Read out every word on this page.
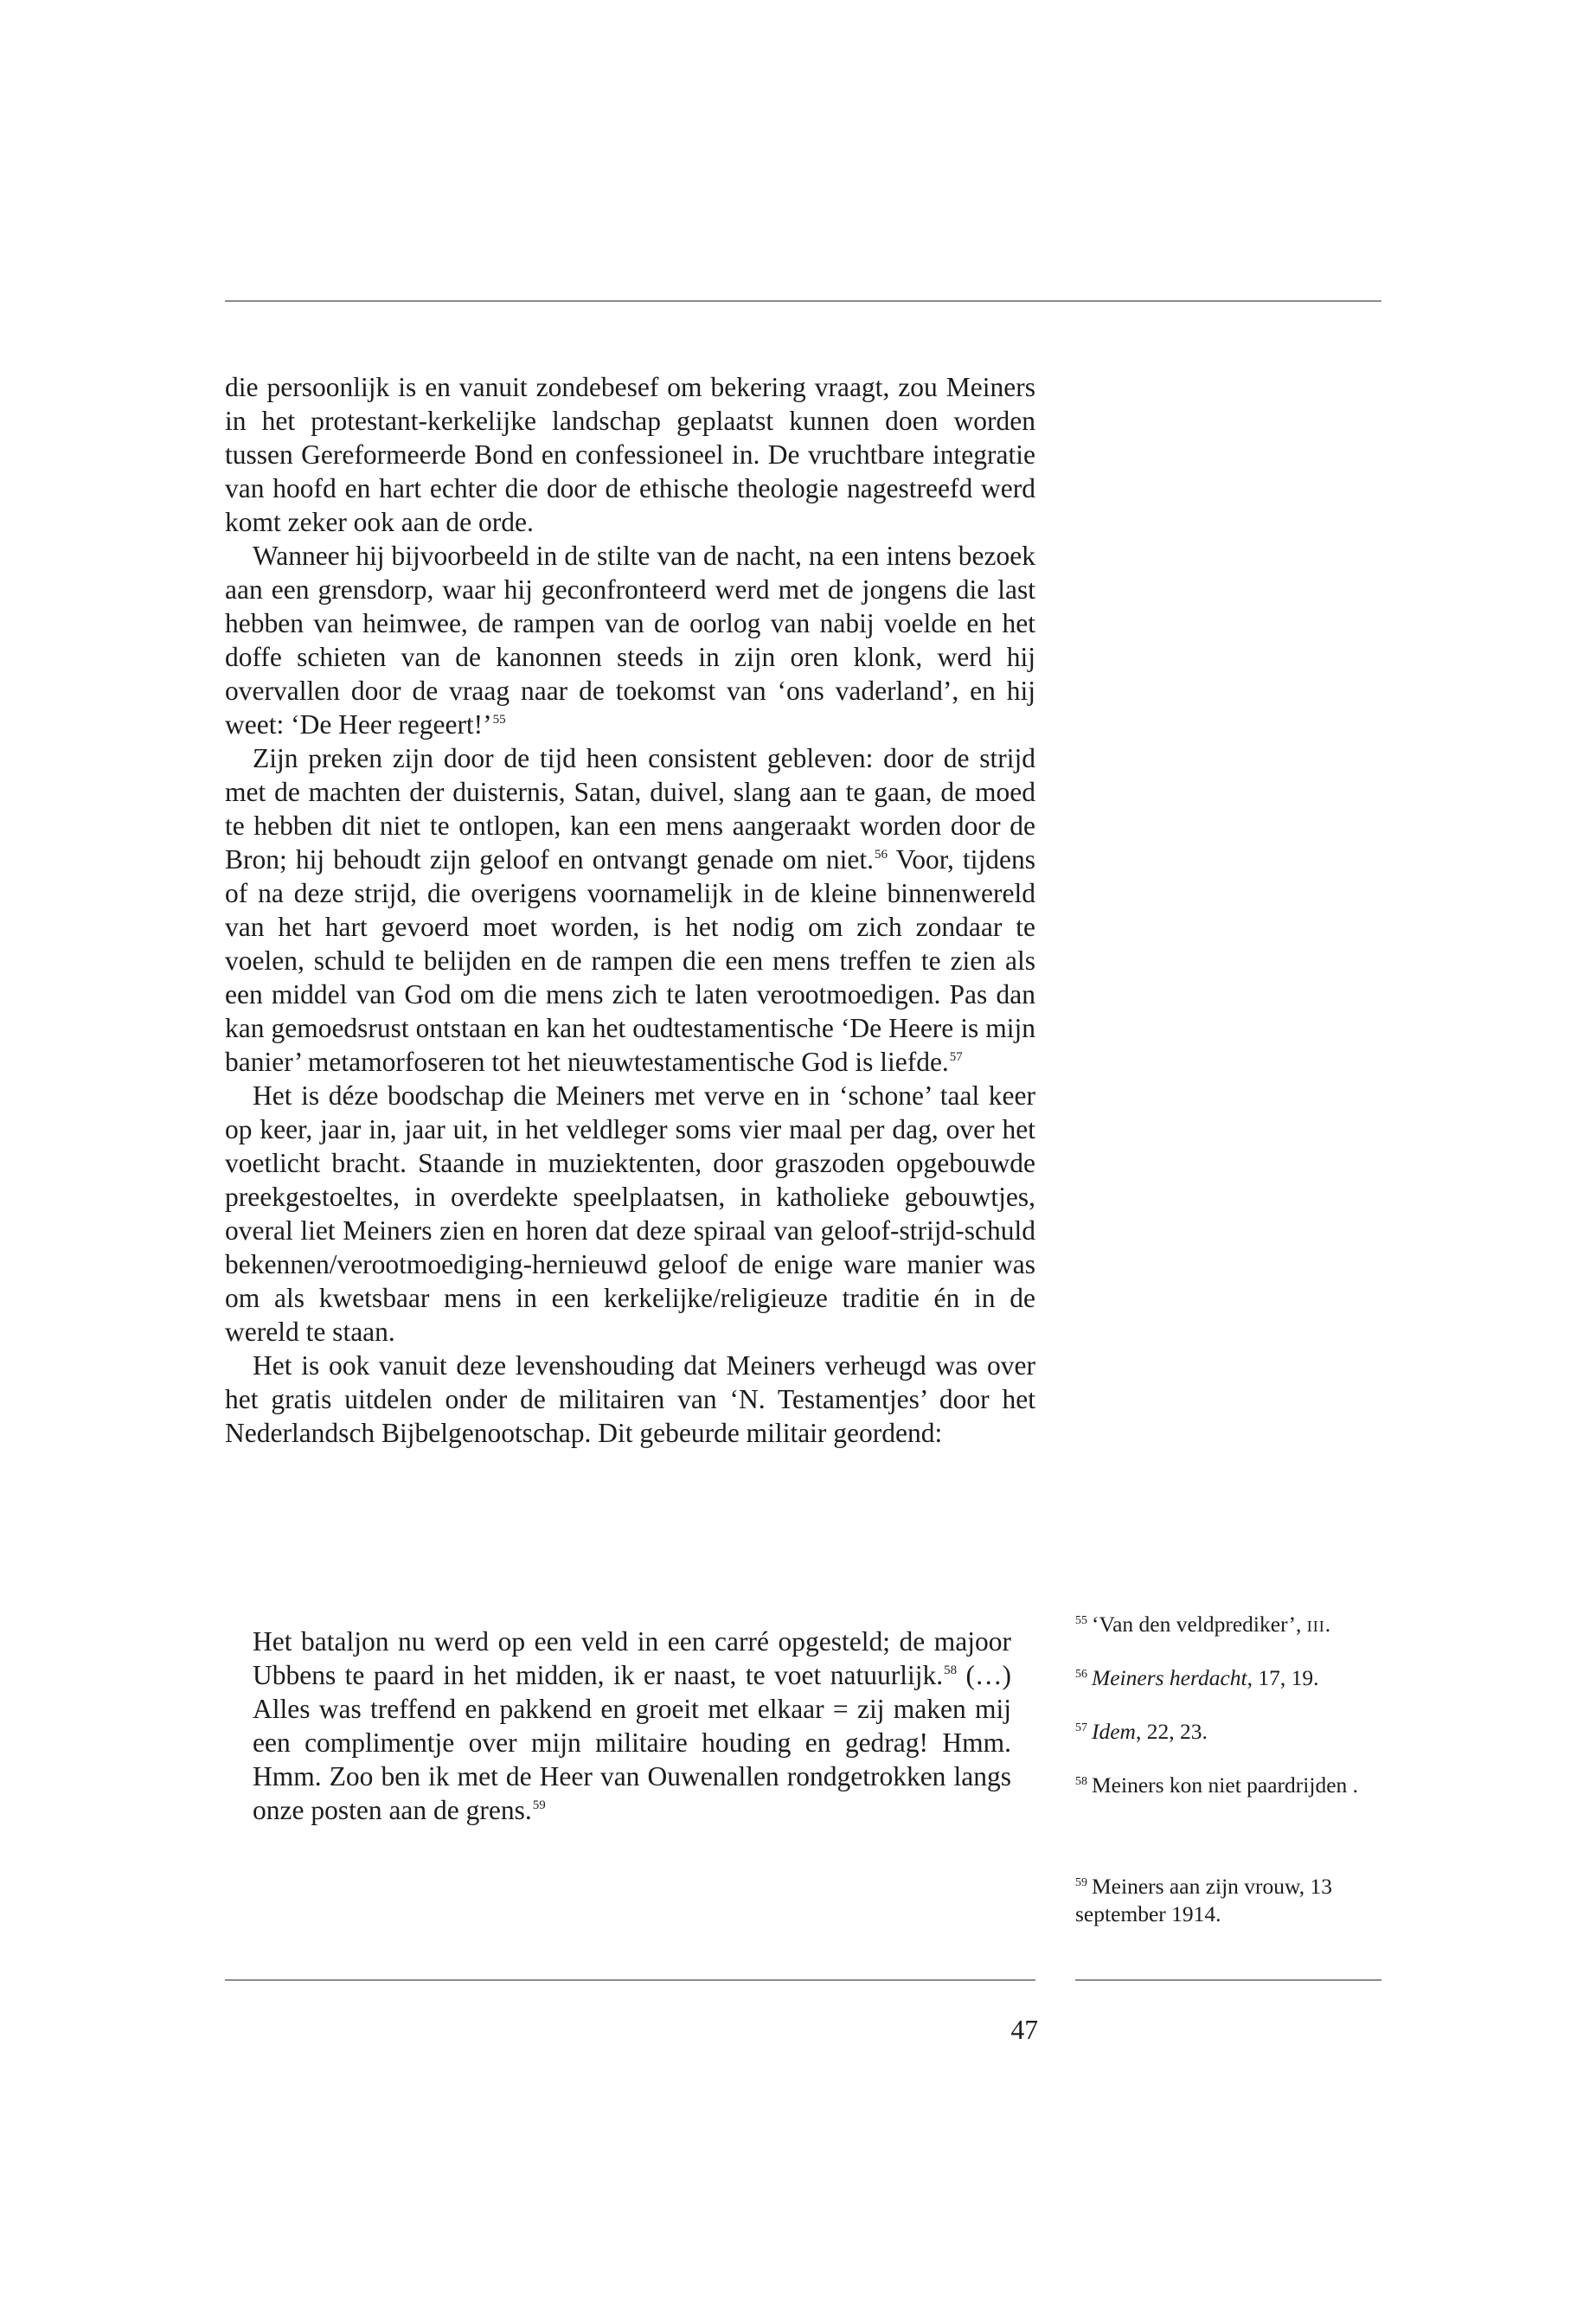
die persoonlijk is en vanuit zondebesef om bekering vraagt, zou Meiners in het protestant-kerkelijke landschap geplaatst kunnen doen worden tussen Gereformeerde Bond en confessioneel in. De vruchtbare integratie van hoofd en hart echter die door de ethische theologie nagestreefd werd komt zeker ook aan de orde.

Wanneer hij bijvoorbeeld in de stilte van de nacht, na een intens bezoek aan een grensdorp, waar hij geconfronteerd werd met de jongens die last hebben van heimwee, de rampen van de oorlog van nabij voelde en het doffe schieten van de kanonnen steeds in zijn oren klonk, werd hij overvallen door de vraag naar de toekomst van ‘ons vaderland’, en hij weet: ‘De Heer regeert!’$^{55}$

Zijn preken zijn door de tijd heen consistent gebleven: door de strijd met de machten der duisternis, Satan, duivel, slang aan te gaan, de moed te hebben dit niet te ontlopen, kan een mens aangeraakt worden door de Bron; hij behoudt zijn geloof en ontvangt genade om niet.$^{56}$ Voor, tijdens of na deze strijd, die overigens voornamelijk in de kleine binnenwereld van het hart gevoerd moet worden, is het nodig om zich zondaar te voelen, schuld te belijden en de rampen die een mens treffen te zien als een middel van God om die mens zich te laten verootmoedigen. Pas dan kan gemoedsrust ontstaan en kan het oudtestamentische ‘De Heere is mijn banier’ metamorfoseren tot het nieuwtestamentische God is liefde.$^{57}$

Het is déze boodschap die Meiners met verve en in ‘schone’ taal keer op keer, jaar in, jaar uit, in het veldleger soms vier maal per dag, over het voetlicht bracht. Staande in muziektenten, door graszoden opgebouwde preekgestoeltes, in overdekte speelplaatsen, in katholieke gebouwtjes, overal liet Meiners zien en horen dat deze spiraal van geloof-strijd-schuld bekennen/verootmoediging-hernieuwd geloof de enige ware manier was om als kwetsbaar mens in een kerkelijke/religieuze traditie én in de wereld te staan.

Het is ook vanuit deze levenshouding dat Meiners verheugd was over het gratis uitdelen onder de militairen van ‘N. Testamentjes’ door het Nederlandsch Bijbelgenootschap. Dit gebeurde militair geordend:

Het bataljon nu werd op een veld in een carré opgesteld; de majoor Ubbens te paard in het midden, ik er naast, te voet natuurlijk.$^{58}$ (…) Alles was treffend en pakkend en groeit met elkaar = zij maken mij een complimentje over mijn militaire houding en gedrag! Hmm. Hmm. Zoo ben ik met de Heer van Ouwenallen rondgetrokken langs onze posten aan de grens.$^{59}$

$^{55}$ ‘Van den veldprediker’, iii.
$^{56}$ Meiners herdacht, 17, 19.
$^{57}$ Idem, 22, 23.
$^{58}$ Meiners kon niet paardrijden .
$^{59}$ Meiners aan zijn vrouw, 13 september 1914.
47
